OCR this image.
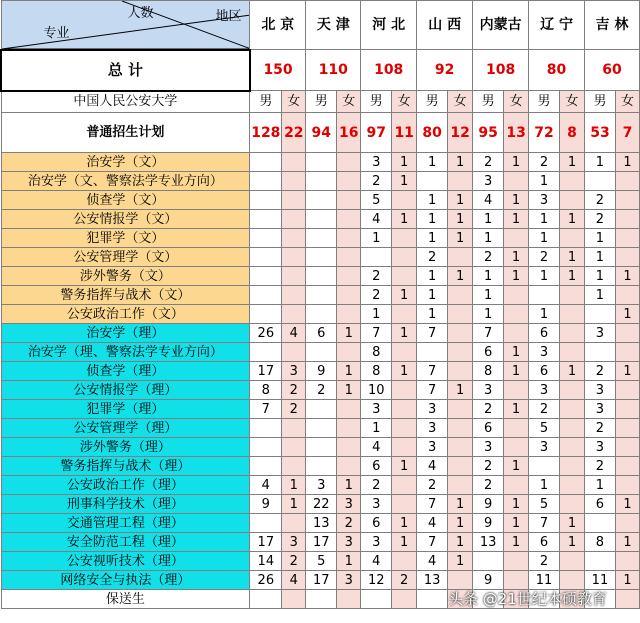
专业
人数 地区	北 京		天 津		河 北		山 西		内蒙古		辽 宁		吉 林	
总 计	150		110		108		92		108		80		60	
中国人民公安大学	男	女	男	女	男	女	男	女	男	女	男	女	男	女
普通招生计划	128	22	94	16	97	11	80	12	95	13	72	8	53	7
治安学（文）					3	1	1	1	2	1	2	1	1	1
治安学（文、警察法学专业方向）					2	1			3		1			
侦查学（文）					5		1	1	4	1	3		2	
公安情报学（文）					4	1	1	1	1	1	1	1	2	
犯罪学（文）					1		1	1	1		1		1	
公安管理学（文）							2		2	1	2	1	1	
涉外警务（文）					2		1	1	1	1	1	1	1	1
警务指挥与战术（文）					2	1	1		1				1	
公安政治工作（文）					1		1		1		1			1
治安学（理）	26	4	6	1	7	1	7		7		6		3	
治安学（理、警察法学专业方向）					8				6	1	3			
侦查学（理）	17	3	9	1	8	1	7		8	1	6	1	2	1
公安情报学（理）	8	2	2	1	10		7	1	3		3		3	
犯罪学（理）	7	2			3		3		2	1	2		3	
公安管理学（理）					1		3		6		5		2	
涉外警务（理）					4		3		3		3		3	
警务指挥与战术（理）					6	1	4		2	1			2	
公安政治工作（理）	4	1	3	1	2		2		2		1		1	
刑事科学技术（理）	9	1	22	3	3		7	1	9	1	5		6	1
交通管理工程（理）			13	2	6	1	4	1	9	1	7	1		
安全防范工程（理）	17	3	17	3	3	1	7	1	13	1	6	1	8	1
公安视听技术（理）	14	2	5	1	4		4	1			2			
网络安全与执法（理）	26	4	17	3	12	2	13		9		11		11	1
保送生															头条 @21世纪本硕教育
